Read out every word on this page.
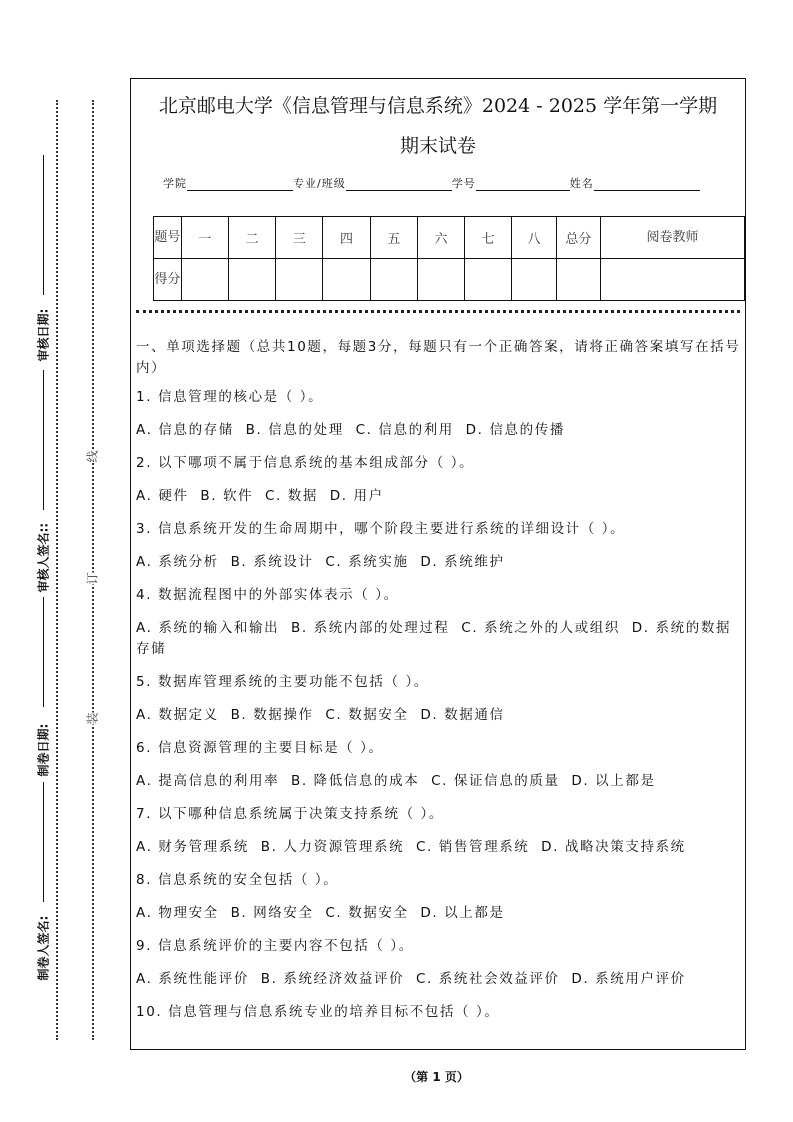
制卷人签名:
制卷日期:
审核人签名::
审核日期:
装
订
线
北京邮电大学《信息管理与信息系统》2024 - 2025 学年第一学期
期末试卷
学院	专业/班级	学号	姓名
题号	一	二	三	四	五	六	七	八	总分	阅卷教师
得分										

一、单项选择题（总共10题，每题3分，每题只有一个正确答案，请将正确答案填写在括号内）

1. 信息管理的核心是（ ）。

A. 信息的存储  B. 信息的处理  C. 信息的利用  D. 信息的传播

2. 以下哪项不属于信息系统的基本组成部分（ ）。

A. 硬件  B. 软件  C. 数据  D. 用户

3. 信息系统开发的生命周期中，哪个阶段主要进行系统的详细设计（ ）。

A. 系统分析  B. 系统设计  C. 系统实施  D. 系统维护

4. 数据流程图中的外部实体表示（ ）。

A. 系统的输入和输出  B. 系统内部的处理过程  C. 系统之外的人或组织  D. 系统的数据存储

5. 数据库管理系统的主要功能不包括（ ）。

A. 数据定义  B. 数据操作  C. 数据安全  D. 数据通信

6. 信息资源管理的主要目标是（ ）。

A. 提高信息的利用率  B. 降低信息的成本  C. 保证信息的质量  D. 以上都是

7. 以下哪种信息系统属于决策支持系统（ ）。

A. 财务管理系统  B. 人力资源管理系统  C. 销售管理系统  D. 战略决策支持系统

8. 信息系统的安全包括（ ）。

A. 物理安全  B. 网络安全  C. 数据安全  D. 以上都是

9. 信息系统评价的主要内容不包括（ ）。

A. 系统性能评价  B. 系统经济效益评价  C. 系统社会效益评价  D. 系统用户评价

10. 信息管理与信息系统专业的培养目标不包括（ ）。

（第 1 页）
